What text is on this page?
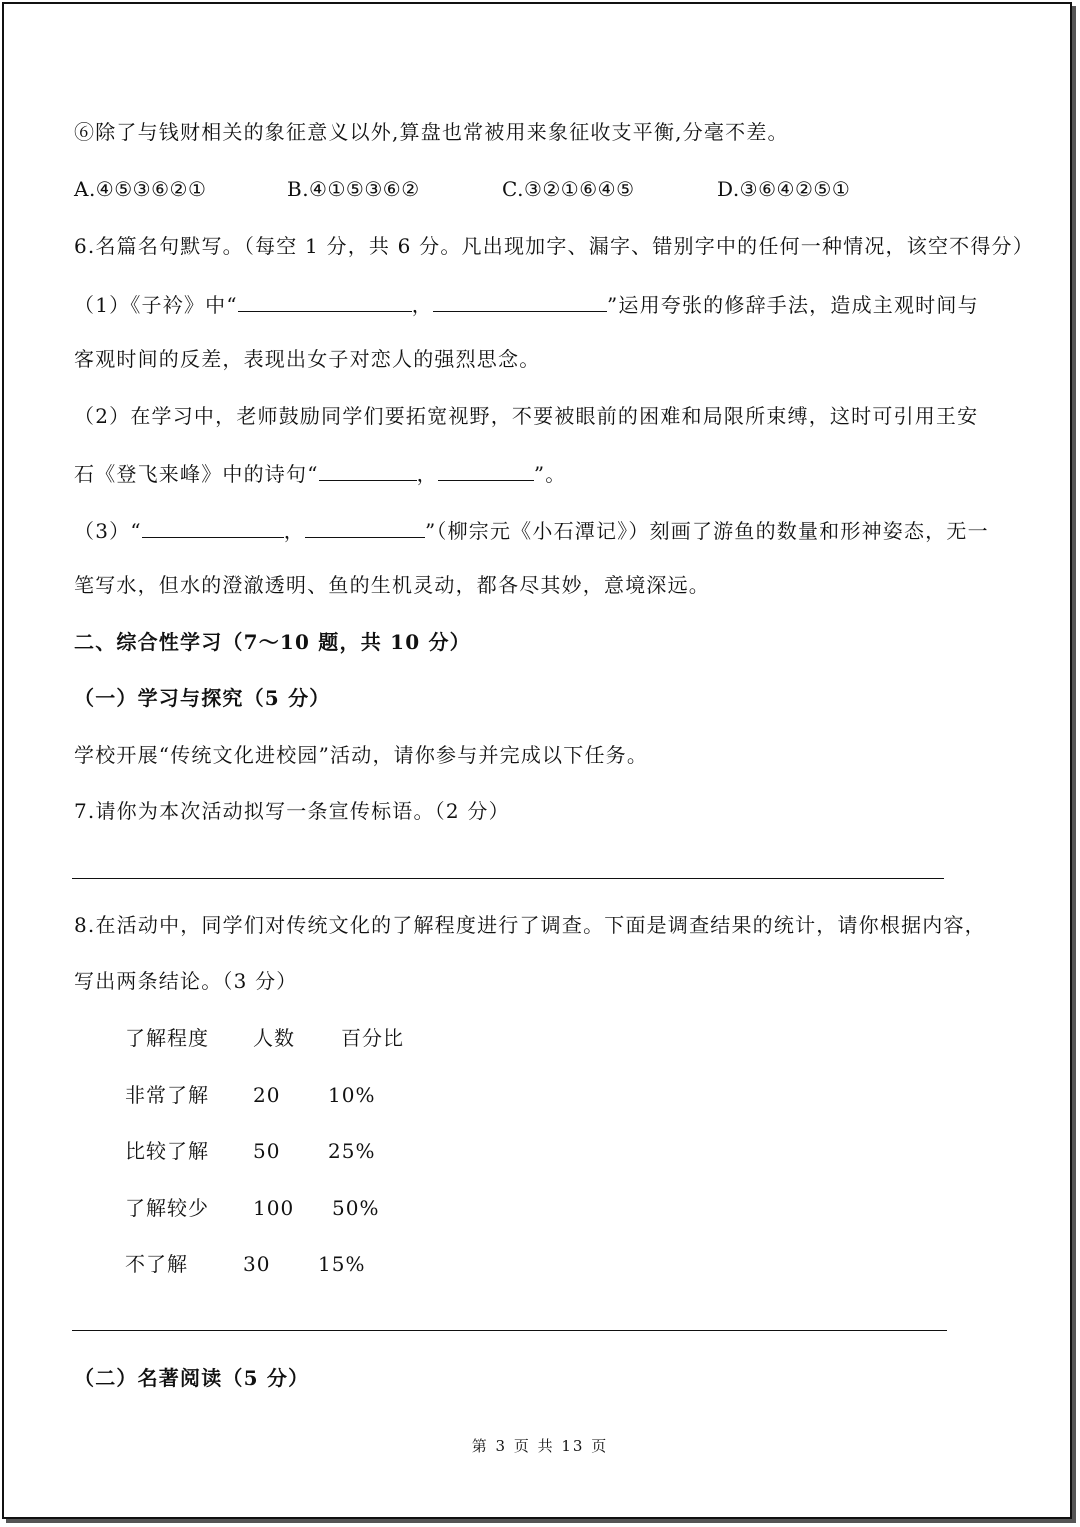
⑥除了与钱财相关的象征意义以外,算盘也常被用来象征收支平衡,分毫不差。
A.④⑤③⑥②①	B.④①⑤③⑥②	C.③②①⑥④⑤	D.③⑥④②⑤①
6.名篇名句默写。（每空 1 分，共 6 分。凡出现加字、漏字、错别字中的任何一种情况，该空不得分）
（1）《子衿》中“	，	”运用夸张的修辞手法，造成主观时间与
客观时间的反差，表现出女子对恋人的强烈思念。
（2）在学习中，老师鼓励同学们要拓宽视野，不要被眼前的困难和局限所束缚，这时可引用王安
石《登飞来峰》中的诗句“	，	”。
（3）“	，	”（柳宗元《小石潭记》）刻画了游鱼的数量和形神姿态，无一
笔写水，但水的澄澈透明、鱼的生机灵动，都各尽其妙，意境深远。
二、综合性学习（7～10 题，共 10 分）
（一）学习与探究（5 分）
学校开展“传统文化进校园”活动，请你参与并完成以下任务。
7.请你为本次活动拟写一条宣传标语。（2 分）
8.在活动中，同学们对传统文化的了解程度进行了调查。下面是调查结果的统计，请你根据内容，
写出两条结论。（3 分）
了解程度 人数 百分比
非常了解 20 10%
比较了解 50 25%
了解较少 100 50%
不了解	30 15%
（二）名著阅读（5 分）
第 3 页 共 13 页
